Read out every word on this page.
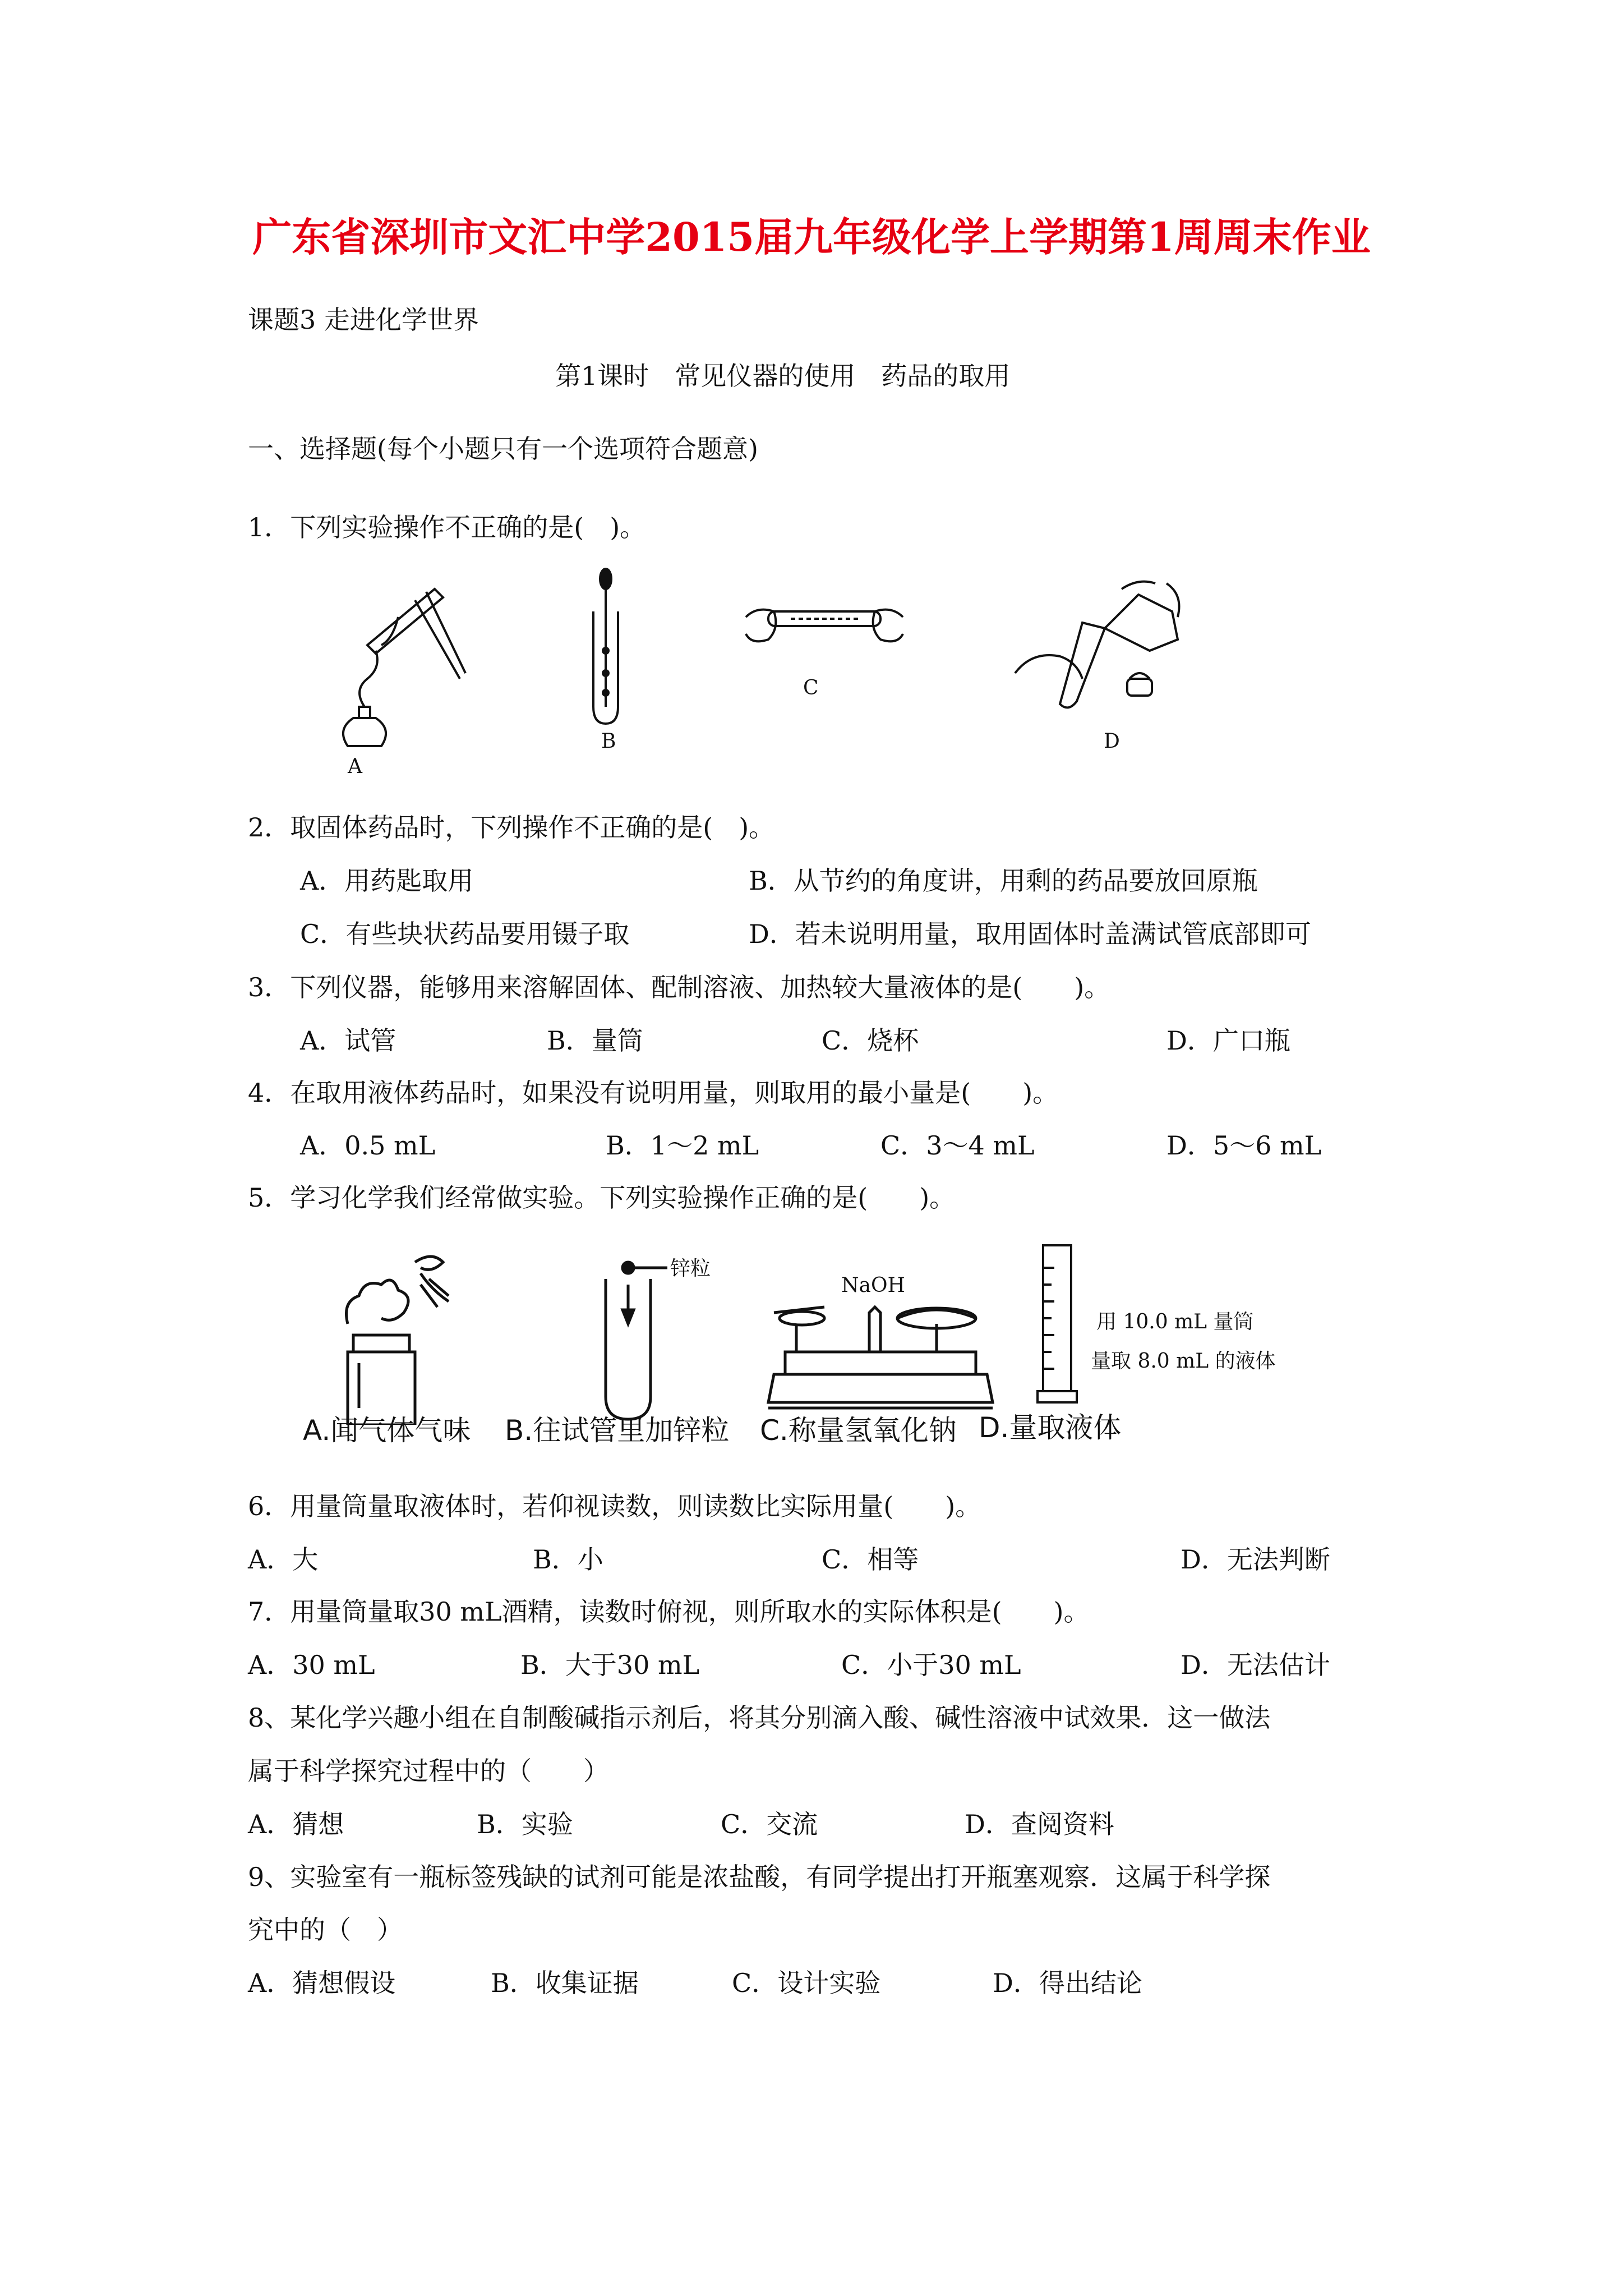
广东省深圳市文汇中学2015届九年级化学上学期第1周周末作业
课题3 走进化学世界
第1课时　常见仪器的使用　药品的取用
一、选择题(每个小题只有一个选项符合题意)
1．下列实验操作不正确的是(　)。
A
B
C
D
2．取固体药品时，下列操作不正确的是(　)。
A．用药匙取用	B．从节约的角度讲，用剩的药品要放回原瓶
C．有些块状药品要用镊子取	D．若未说明用量，取用固体时盖满试管底部即可
3．下列仪器，能够用来溶解固体、配制溶液、加热较大量液体的是(　　)。
A．试管	B．量筒	C．烧杯	D．广口瓶
4．在取用液体药品时，如果没有说明用量，则取用的最小量是(　　)。
A．0.5 mL	B．1～2 mL	C．3～4 mL	D．5～6 mL
5．学习化学我们经常做实验。下列实验操作正确的是(　　)。
A.闻气体气味
锌粒
B.往试管里加锌粒
NaOH
C.称量氢氧化钠
用 10.0 mL 量筒
量取 8.0 mL 的液体
D.量取液体
6．用量筒量取液体时，若仰视读数，则读数比实际用量(　　)。
A．大	B．小	C．相等	D．无法判断
7．用量筒量取30 mL酒精，读数时俯视，则所取水的实际体积是(　　)。
A．30 mL	B．大于30 mL	C．小于30 mL	D．无法估计
8、某化学兴趣小组在自制酸碱指示剂后，将其分别滴入酸、碱性溶液中试效果．这一做法
属于科学探究过程中的（　　）
A．猜想	B．实验	C．交流	D．查阅资料
9、实验室有一瓶标签残缺的试剂可能是浓盐酸，有同学提出打开瓶塞观察．这属于科学探
究中的（　）
A．猜想假设	B．收集证据	C．设计实验	D．得出结论
